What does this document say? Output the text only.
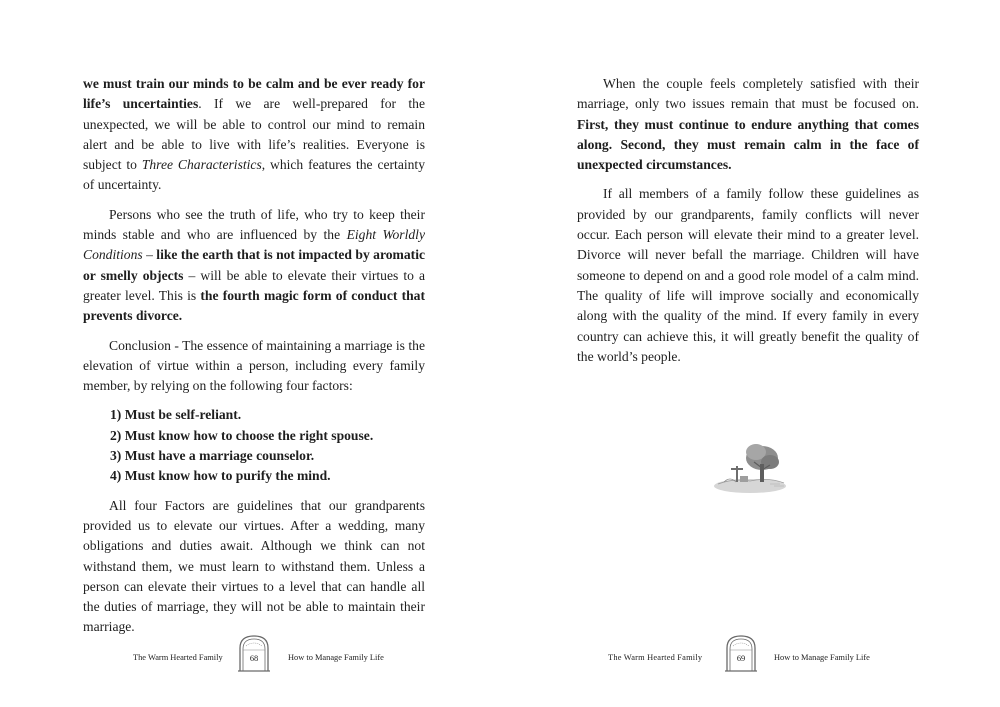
we must train our minds to be calm and be ever ready for life’s uncertainties. If we are well-prepared for the unexpected, we will be able to control our mind to remain alert and be able to live with life’s realities. Everyone is subject to Three Characteristics, which features the certainty of uncertainty.

Persons who see the truth of life, who try to keep their minds stable and who are influenced by the Eight Worldly Conditions – like the earth that is not impacted by aromatic or smelly objects – will be able to elevate their virtues to a greater level. This is the fourth magic form of conduct that prevents divorce.

Conclusion - The essence of maintaining a marriage is the elevation of virtue within a person, including every family member, by relying on the following four factors:

1) Must be self-reliant.
2) Must know how to choose the right spouse.
3) Must have a marriage counselor.
4) Must know how to purify the mind.

All four Factors are guidelines that our grandparents provided us to elevate our virtues. After a wedding, many obligations and duties await. Although we think can not withstand them, we must learn to withstand them. Unless a person can elevate their virtues to a level that can handle all the duties of marriage, they will not be able to maintain their marriage.

The Warm Hearted Family	68	How to Manage Family Life

When the couple feels completely satisfied with their marriage, only two issues remain that must be focused on. First, they must continue to endure anything that comes along. Second, they must remain calm in the face of unexpected circumstances.

If all members of a family follow these guidelines as provided by our grandparents, family conflicts will never occur. Each person will elevate their mind to a greater level. Divorce will never befall the marriage. Children will have someone to depend on and a good role model of a calm mind. The quality of life will improve socially and economically along with the quality of the mind. If every family in every country can achieve this, it will greatly benefit the quality of the world’s people.

The Warm Hearted Family	69	How to Manage Family Life
